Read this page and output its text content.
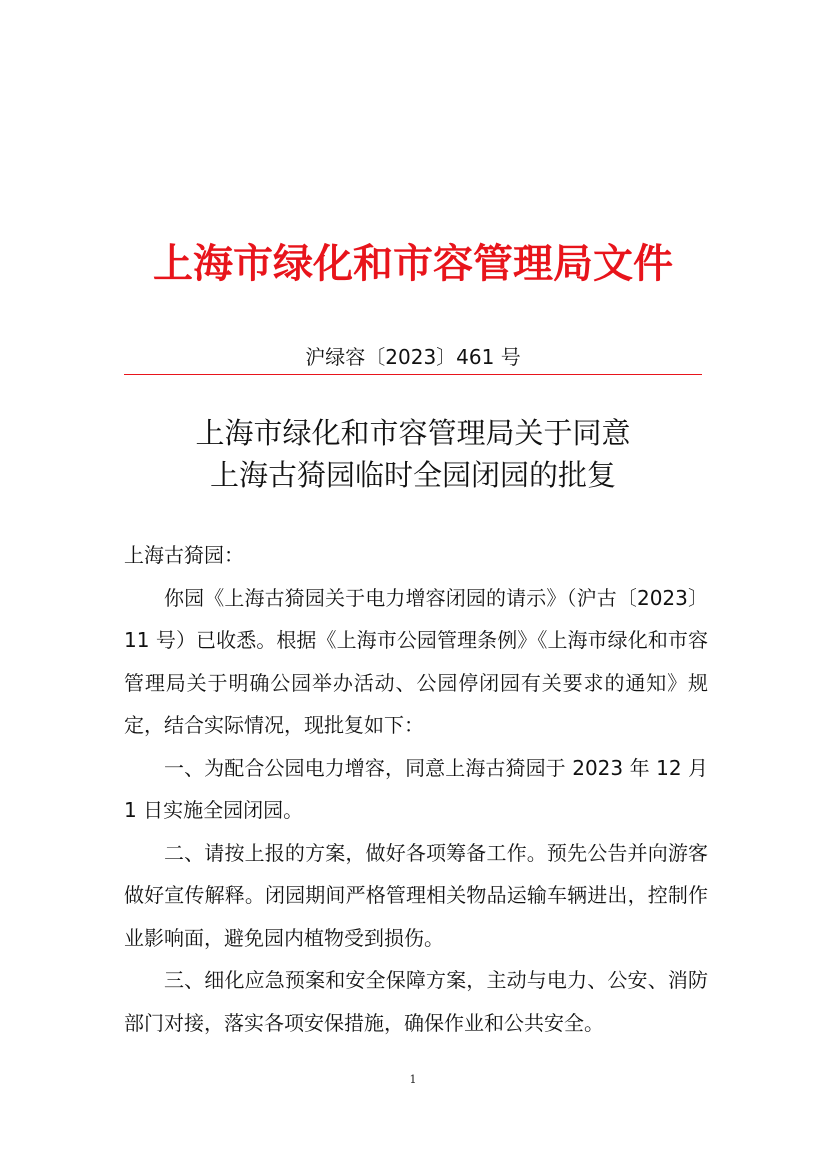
上海市绿化和市容管理局文件
沪绿容〔2023〕461 号
上海市绿化和市容管理局关于同意
上海古猗园临时全园闭园的批复

上海古猗园：

你园《上海古猗园关于电力增容闭园的请示》（沪古〔2023〕11 号）已收悉。根据《上海市公园管理条例》《上海市绿化和市容管理局关于明确公园举办活动、公园停闭园有关要求的通知》规定，结合实际情况，现批复如下：

一、为配合公园电力增容，同意上海古猗园于 2023 年 12 月 1 日实施全园闭园。

二、请按上报的方案，做好各项筹备工作。预先公告并向游客做好宣传解释。闭园期间严格管理相关物品运输车辆进出，控制作业影响面，避免园内植物受到损伤。

三、细化应急预案和安全保障方案，主动与电力、公安、消防部门对接，落实各项安保措施，确保作业和公共安全。

1
